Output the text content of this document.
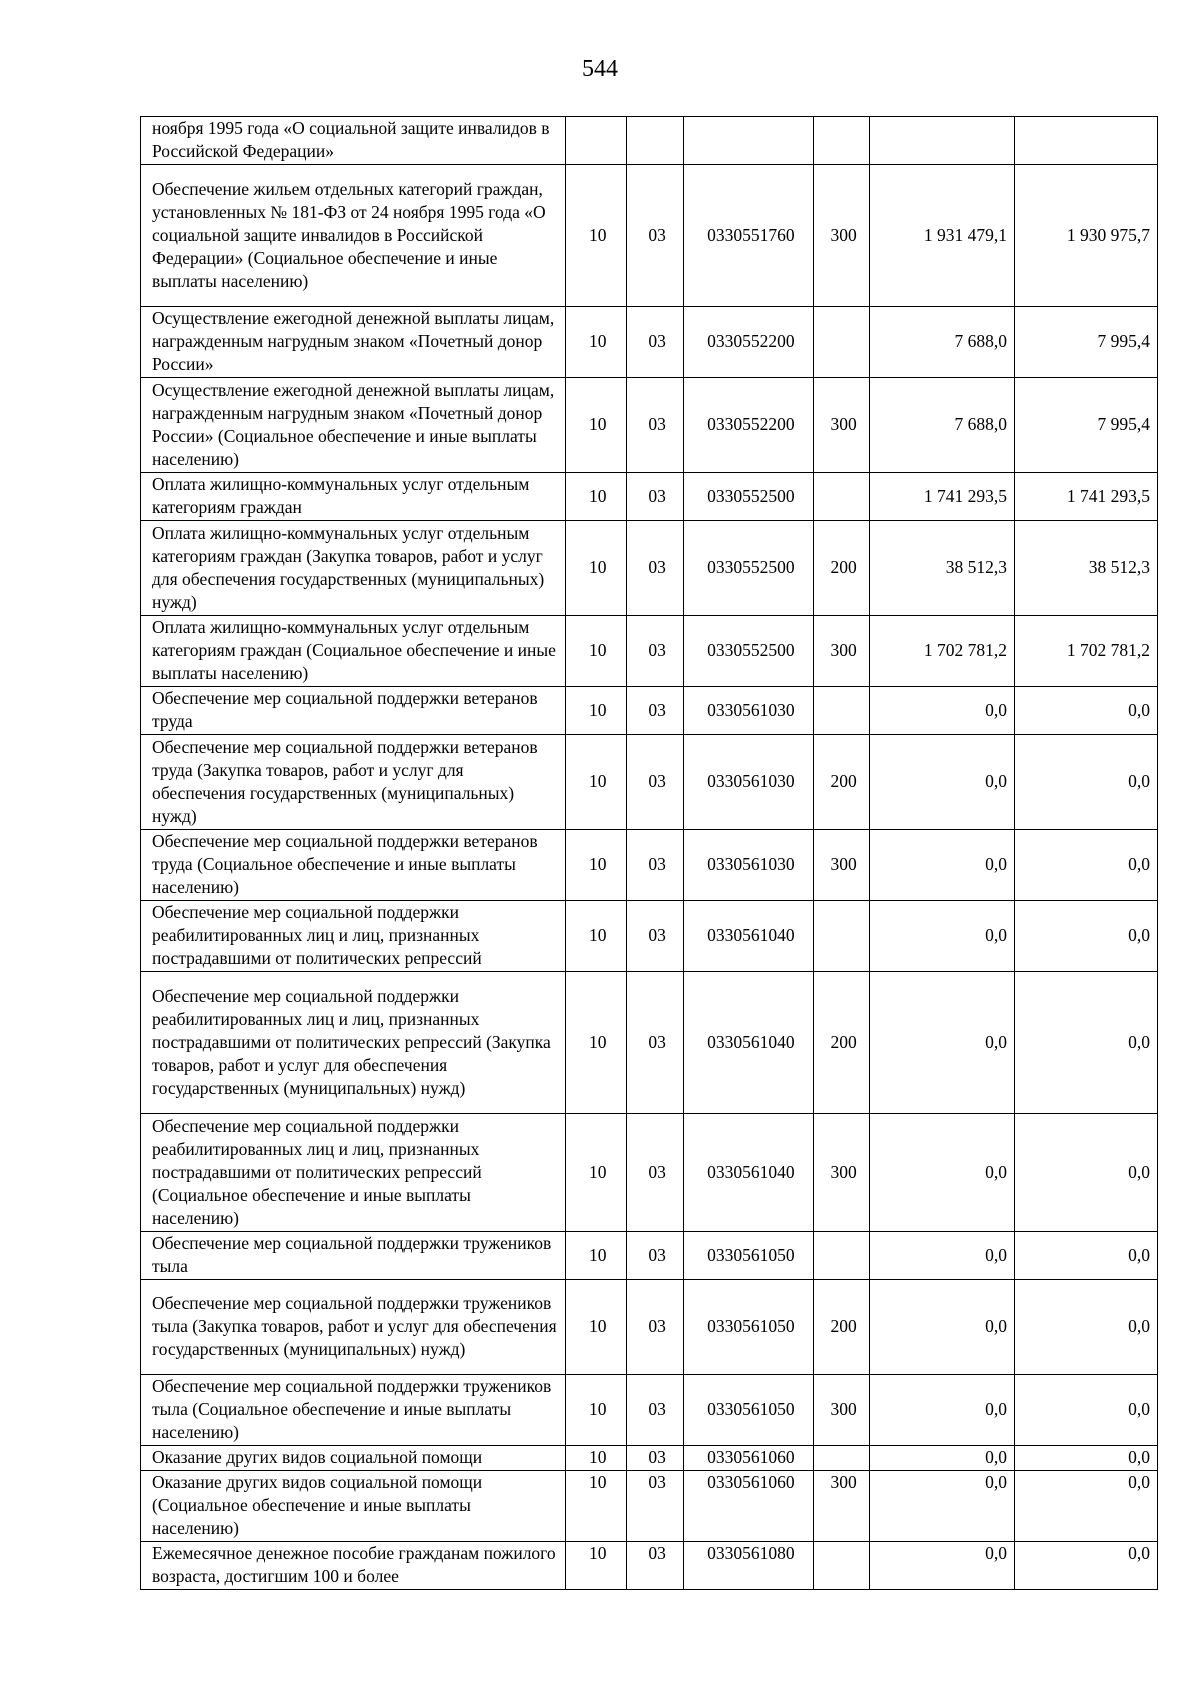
544
ноября 1995 года «О социальной защите инвалидов в Российской Федерации»						
Обеспечение жильем отдельных категорий граждан, установленных № 181-ФЗ от 24 ноября 1995 года «О социальной защите инвалидов в Российской Федерации» (Социальное обеспечение и иные выплаты населению)	10	03	0330551760	300	1 931 479,1	1 930 975,7
Осуществление ежегодной денежной выплаты лицам, награжденным нагрудным знаком «Почетный донор России»	10	03	0330552200		7 688,0	7 995,4
Осуществление ежегодной денежной выплаты лицам, награжденным нагрудным знаком «Почетный донор России» (Социальное обеспечение и иные выплаты населению)	10	03	0330552200	300	7 688,0	7 995,4
Оплата жилищно-коммунальных услуг отдельным категориям граждан	10	03	0330552500		1 741 293,5	1 741 293,5
Оплата жилищно-коммунальных услуг отдельным категориям граждан (Закупка товаров, работ и услуг для обеспечения государственных (муниципальных) нужд)	10	03	0330552500	200	38 512,3	38 512,3
Оплата жилищно-коммунальных услуг отдельным категориям граждан (Социальное обеспечение и иные выплаты населению)	10	03	0330552500	300	1 702 781,2	1 702 781,2
Обеспечение мер социальной поддержки ветеранов труда	10	03	0330561030		0,0	0,0
Обеспечение мер социальной поддержки ветеранов труда (Закупка товаров, работ и услуг для обеспечения государственных (муниципальных) нужд)	10	03	0330561030	200	0,0	0,0
Обеспечение мер социальной поддержки ветеранов труда (Социальное обеспечение и иные выплаты населению)	10	03	0330561030	300	0,0	0,0
Обеспечение мер социальной поддержки реабилитированных лиц и лиц, признанных пострадавшими от политических репрессий	10	03	0330561040		0,0	0,0
Обеспечение мер социальной поддержки реабилитированных лиц и лиц, признанных пострадавшими от политических репрессий (Закупка товаров, работ и услуг для обеспечения государственных (муниципальных) нужд)	10	03	0330561040	200	0,0	0,0
Обеспечение мер социальной поддержки реабилитированных лиц и лиц, признанных пострадавшими от политических репрессий (Социальное обеспечение и иные выплаты населению)	10	03	0330561040	300	0,0	0,0
Обеспечение мер социальной поддержки тружеников тыла	10	03	0330561050		0,0	0,0
Обеспечение мер социальной поддержки тружеников тыла (Закупка товаров, работ и услуг для обеспечения государственных (муниципальных) нужд)	10	03	0330561050	200	0,0	0,0
Обеспечение мер социальной поддержки тружеников тыла (Социальное обеспечение и иные выплаты населению)	10	03	0330561050	300	0,0	0,0
Оказание других видов социальной помощи	10	03	0330561060		0,0	0,0
Оказание других видов социальной помощи (Социальное обеспечение и иные выплаты населению)	10	03	0330561060	300	0,0	0,0
Ежемесячное денежное пособие гражданам пожилого возраста, достигшим 100 и более	10	03	0330561080		0,0	0,0
